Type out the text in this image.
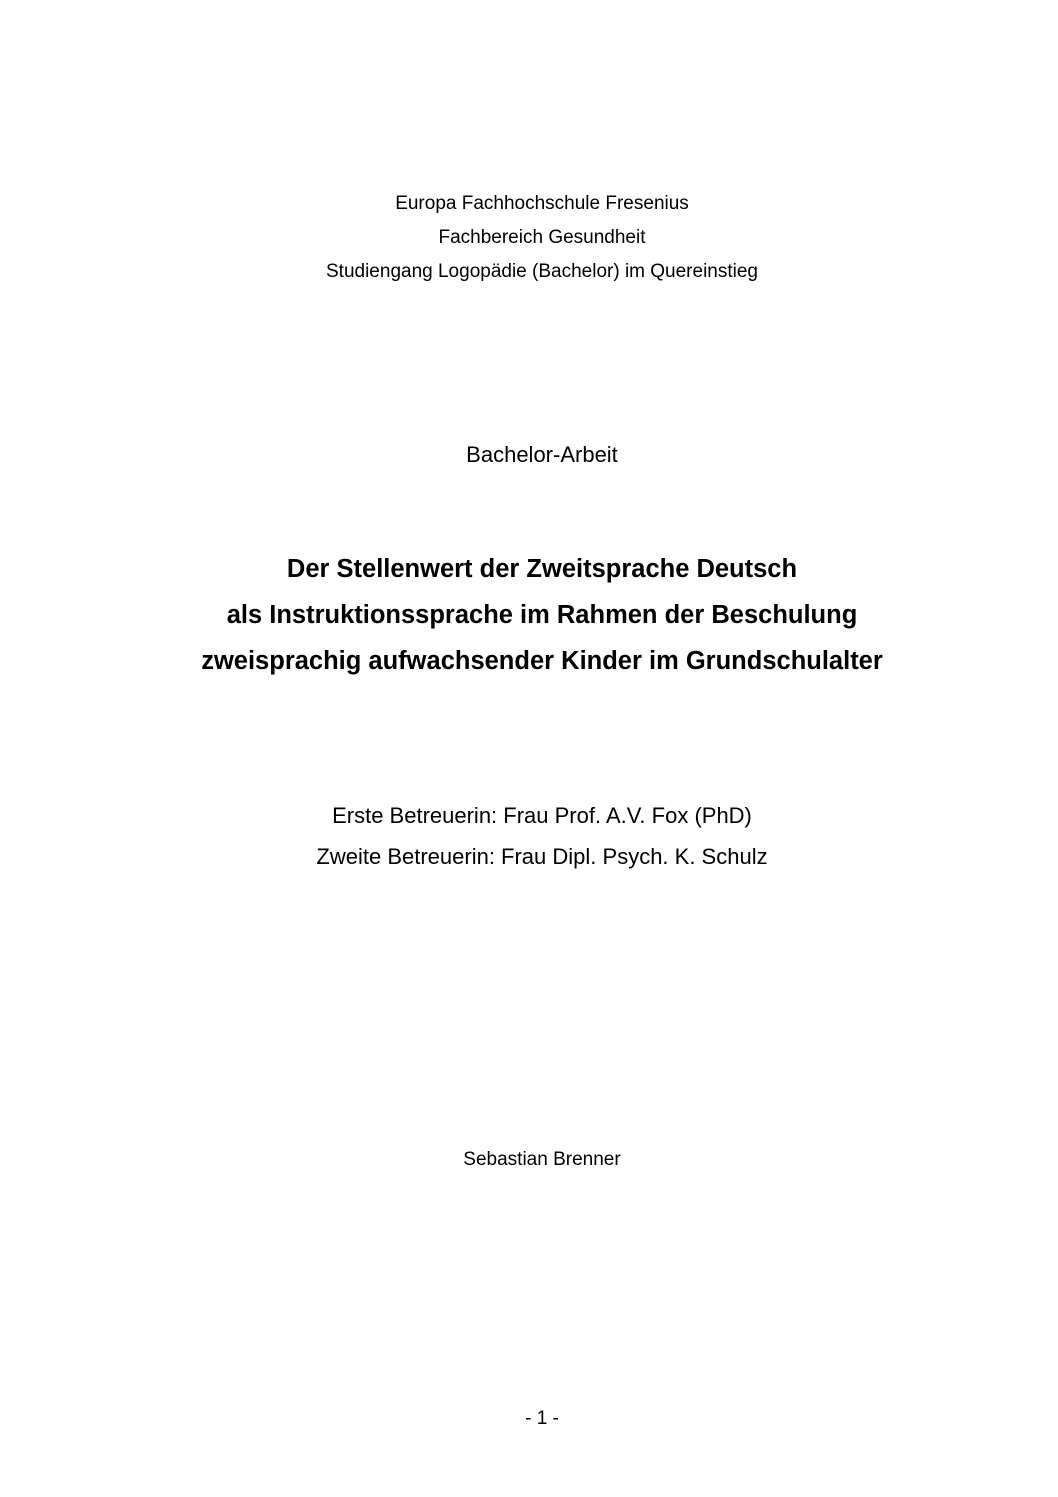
Europa Fachhochschule Fresenius
Fachbereich Gesundheit
Studiengang Logopädie (Bachelor) im Quereinstieg
Bachelor-Arbeit
Der Stellenwert der Zweitsprache Deutsch
als Instruktionssprache im Rahmen der Beschulung
zweisprachig aufwachsender Kinder im Grundschulalter
Erste Betreuerin: Frau Prof. A.V. Fox (PhD)
Zweite Betreuerin: Frau Dipl. Psych. K. Schulz
Sebastian Brenner
- 1 -
